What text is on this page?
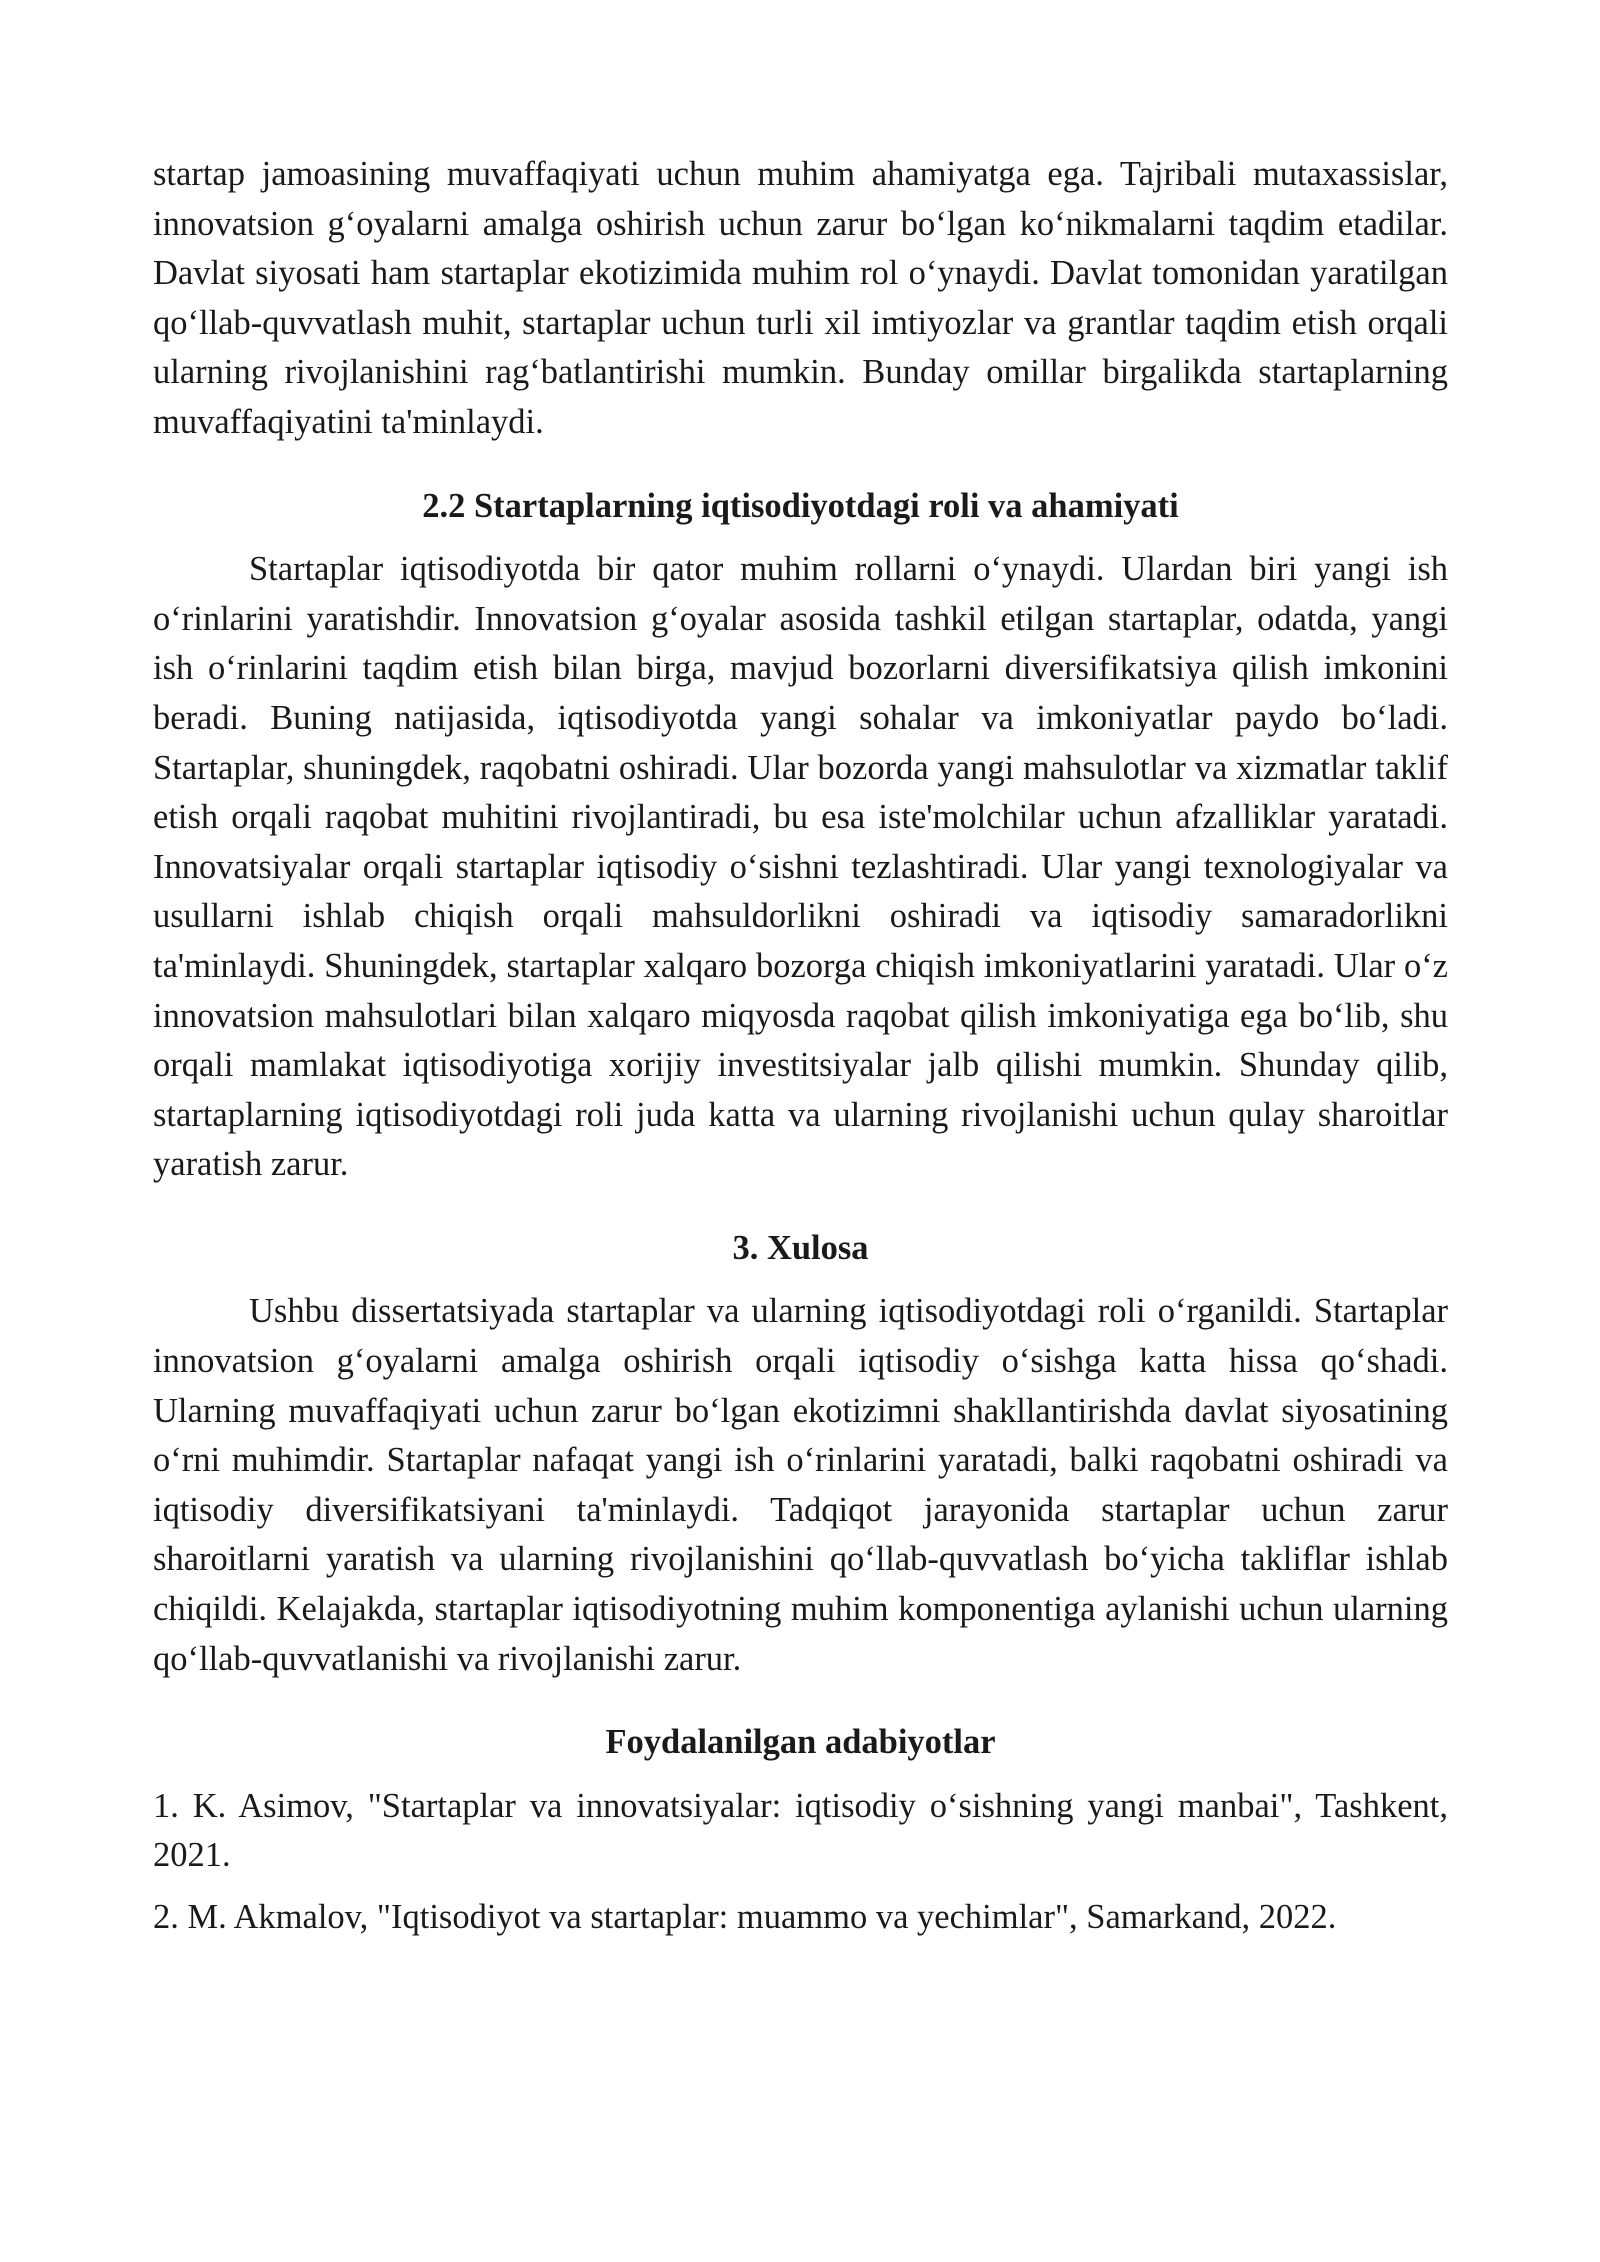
startap jamoasining muvaffaqiyati uchun muhim ahamiyatga ega. Tajribali mutaxassislar, innovatsion g‘oyalarni amalga oshirish uchun zarur bo‘lgan ko‘nikmalarni taqdim etadilar. Davlat siyosati ham startaplar ekotizimida muhim rol o‘ynaydi. Davlat tomonidan yaratilgan qo‘llab-quvvatlash muhit, startaplar uchun turli xil imtiyozlar va grantlar taqdim etish orqali ularning rivojlanishini rag‘batlantirishi mumkin. Bunday omillar birgalikda startaplarning muvaffaqiyatini ta'minlaydi.

2.2 Startaplarning iqtisodiyotdagi roli va ahamiyati

Startaplar iqtisodiyotda bir qator muhim rollarni o‘ynaydi. Ulardan biri yangi ish o‘rinlarini yaratishdir. Innovatsion g‘oyalar asosida tashkil etilgan startaplar, odatda, yangi ish o‘rinlarini taqdim etish bilan birga, mavjud bozorlarni diversifikatsiya qilish imkonini beradi. Buning natijasida, iqtisodiyotda yangi sohalar va imkoniyatlar paydo bo‘ladi. Startaplar, shuningdek, raqobatni oshiradi. Ular bozorda yangi mahsulotlar va xizmatlar taklif etish orqali raqobat muhitini rivojlantiradi, bu esa iste'molchilar uchun afzalliklar yaratadi. Innovatsiyalar orqali startaplar iqtisodiy o‘sishni tezlashtiradi. Ular yangi texnologiyalar va usullarni ishlab chiqish orqali mahsuldorlikni oshiradi va iqtisodiy samaradorlikni ta'minlaydi. Shuningdek, startaplar xalqaro bozorga chiqish imkoniyatlarini yaratadi. Ular o‘z innovatsion mahsulotlari bilan xalqaro miqyosda raqobat qilish imkoniyatiga ega bo‘lib, shu orqali mamlakat iqtisodiyotiga xorijiy investitsiyalar jalb qilishi mumkin. Shunday qilib, startaplarning iqtisodiyotdagi roli juda katta va ularning rivojlanishi uchun qulay sharoitlar yaratish zarur.

3. Xulosa

Ushbu dissertatsiyada startaplar va ularning iqtisodiyotdagi roli o‘rganildi. Startaplar innovatsion g‘oyalarni amalga oshirish orqali iqtisodiy o‘sishga katta hissa qo‘shadi. Ularning muvaffaqiyati uchun zarur bo‘lgan ekotizimni shakllantirishda davlat siyosatining o‘rni muhimdir. Startaplar nafaqat yangi ish o‘rinlarini yaratadi, balki raqobatni oshiradi va iqtisodiy diversifikatsiyani ta'minlaydi. Tadqiqot jarayonida startaplar uchun zarur sharoitlarni yaratish va ularning rivojlanishini qo‘llab-quvvatlash bo‘yicha takliflar ishlab chiqildi. Kelajakda, startaplar iqtisodiyotning muhim komponentiga aylanishi uchun ularning qo‘llab-quvvatlanishi va rivojlanishi zarur.

Foydalanilgan adabiyotlar

1. K. Asimov, "Startaplar va innovatsiyalar: iqtisodiy o‘sishning yangi manbai", Tashkent, 2021.

2. M. Akmalov, "Iqtisodiyot va startaplar: muammo va yechimlar", Samarkand, 2022.
